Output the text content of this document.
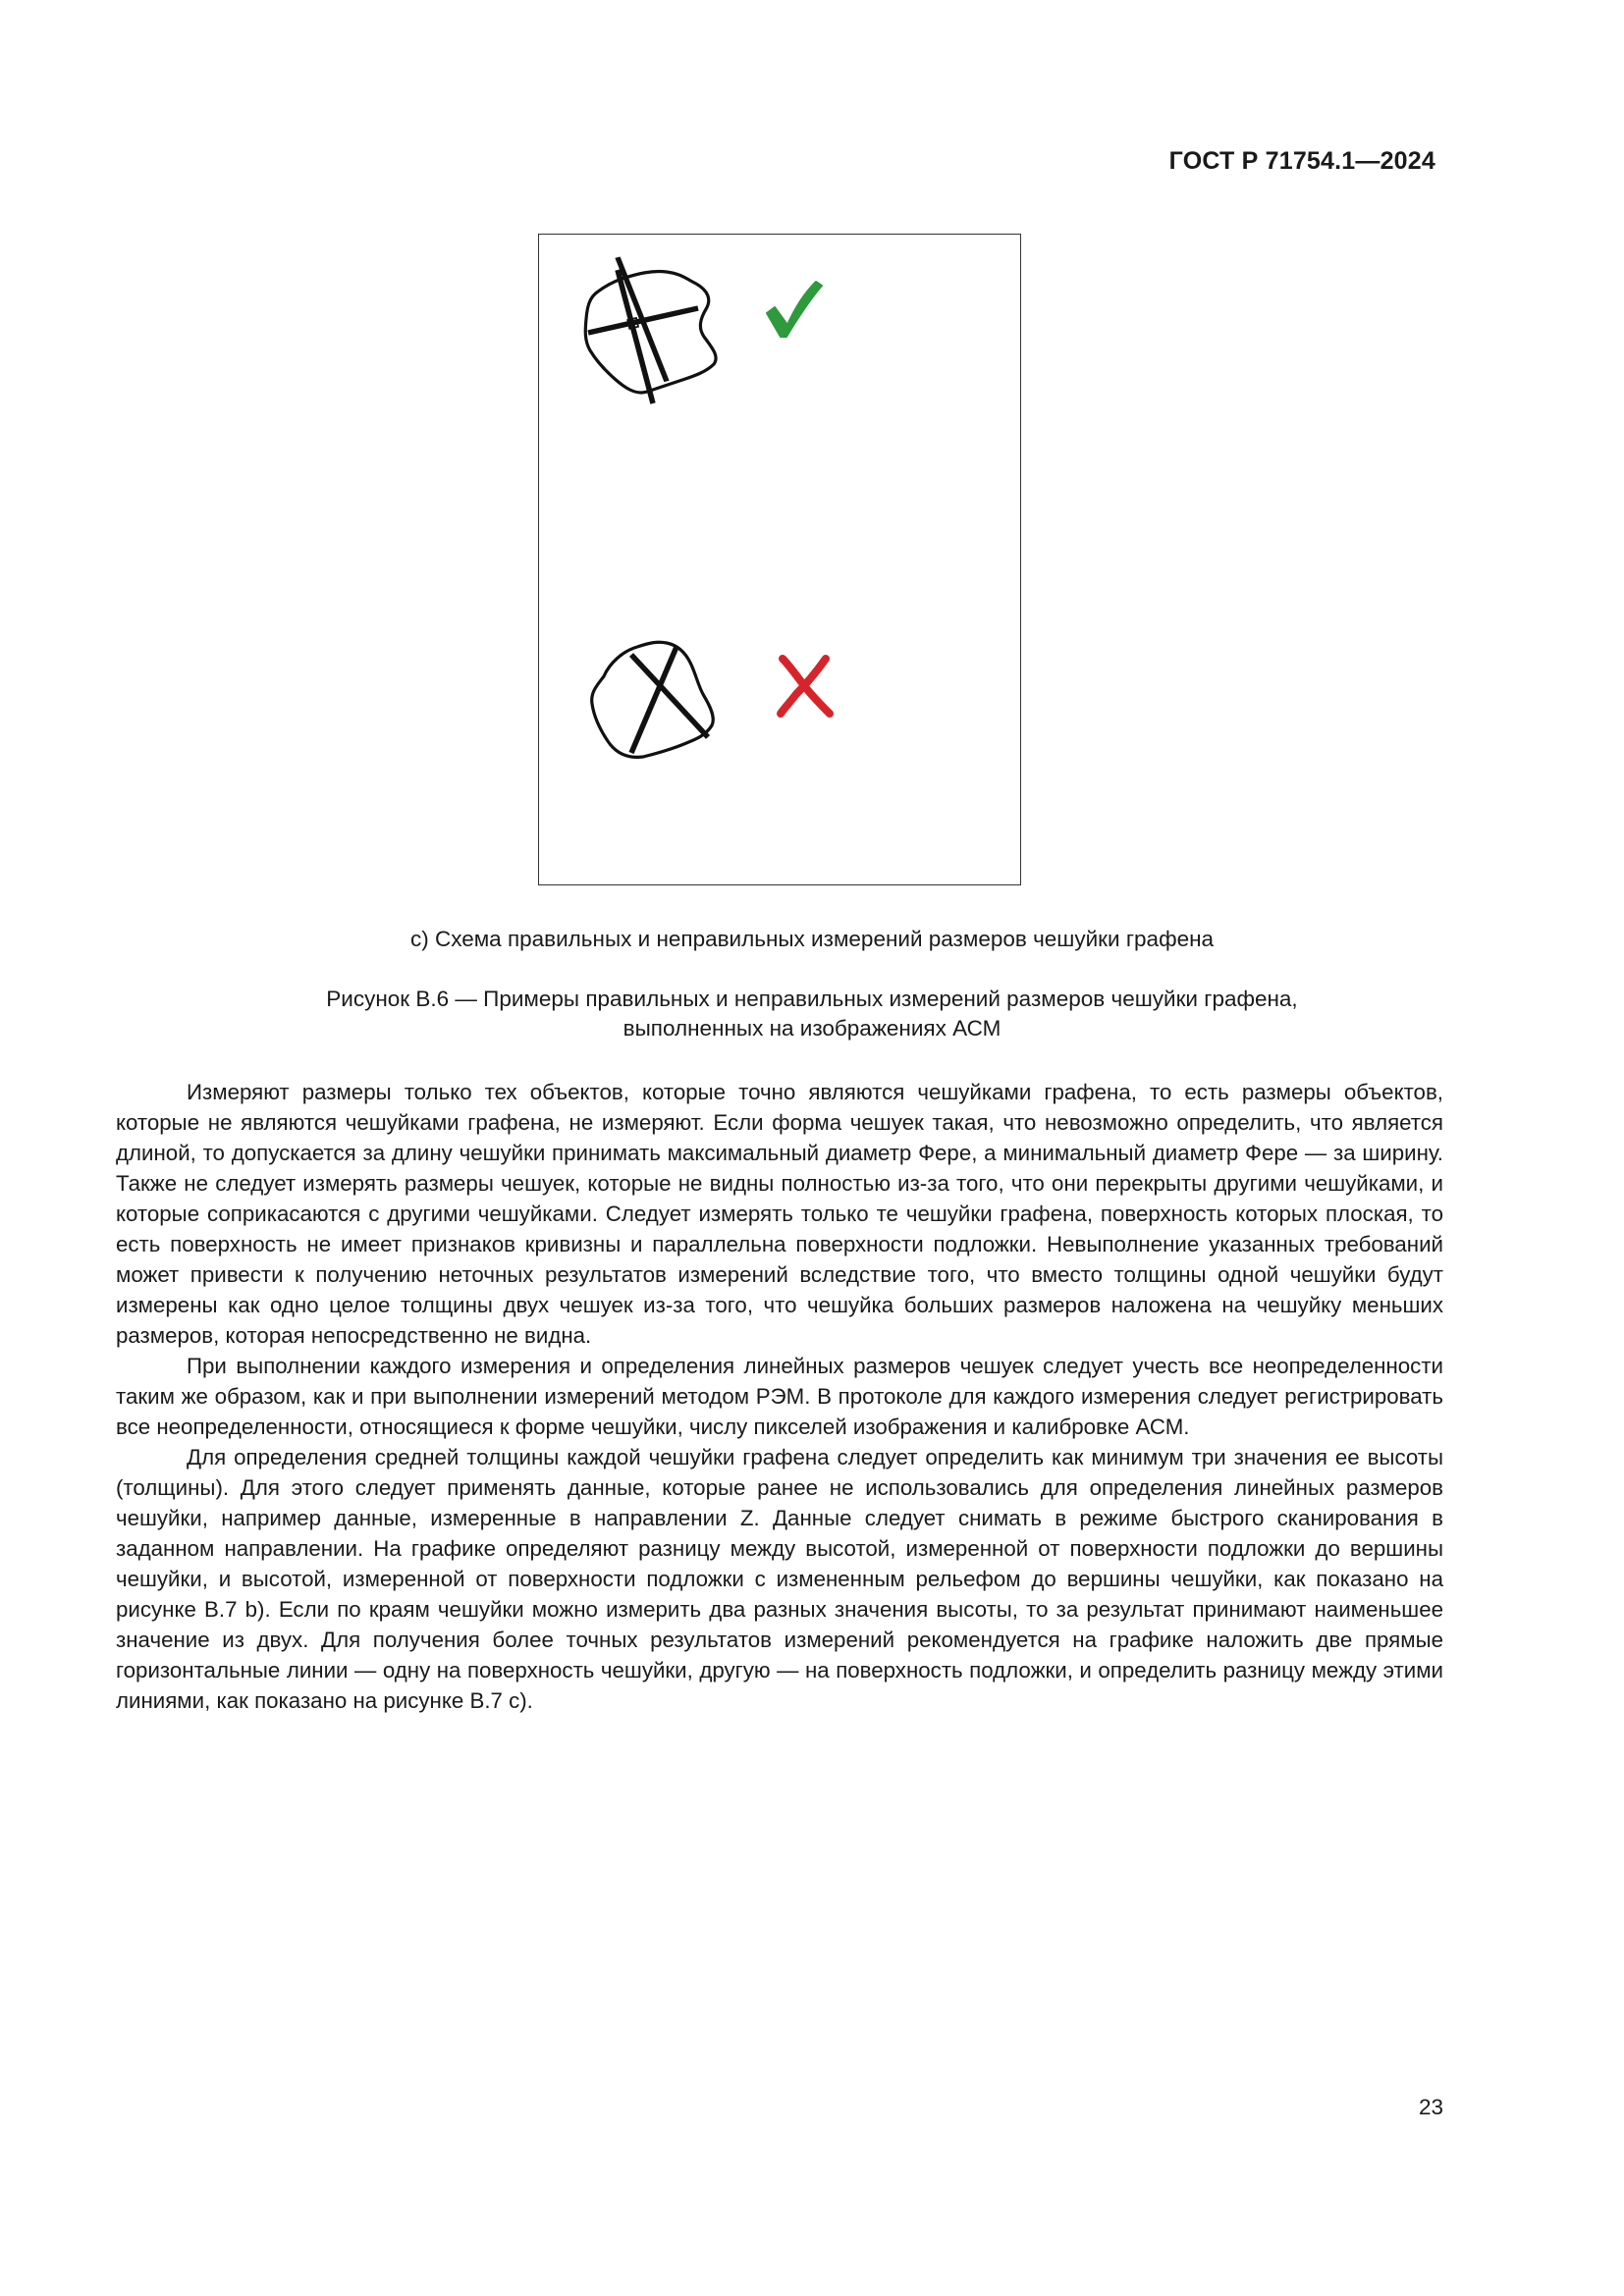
ГОСТ Р 71754.1—2024
c) Схема правильных и неправильных измерений размеров чешуйки графена
Рисунок В.6 — Примеры правильных и неправильных измерений размеров чешуйки графена,
выполненных на изображениях АСМ

Измеряют размеры только тех объектов, которые точно являются чешуйками графена, то есть размеры объектов, которые не являются чешуйками графена, не измеряют. Если форма чешуек такая, что невозможно определить, что является длиной, то допускается за длину чешуйки принимать максимальный диаметр Фере, а минимальный диаметр Фере — за ширину. Также не следует измерять размеры чешуек, которые не видны полностью из-за того, что они перекрыты другими чешуйками, и которые соприкасаются с другими чешуйками. Следует измерять только те чешуйки графена, поверхность которых плоская, то есть поверхность не имеет признаков кривизны и параллельна поверхности подложки. Невыполнение указанных требований может привести к получению неточных результатов измерений вследствие того, что вместо толщины одной чешуйки будут измерены как одно целое толщины двух чешуек из-за того, что чешуйка больших размеров наложена на чешуйку меньших размеров, которая непосредственно не видна.

При выполнении каждого измерения и определения линейных размеров чешуек следует учесть все неопределенности таким же образом, как и при выполнении измерений методом РЭМ. В протоколе для каждого измерения следует регистрировать все неопределенности, относящиеся к форме чешуйки, числу пикселей изображения и калибровке АСМ.

Для определения средней толщины каждой чешуйки графена следует определить как минимум три значения ее высоты (толщины). Для этого следует применять данные, которые ранее не использовались для определения линейных размеров чешуйки, например данные, измеренные в направлении Z. Данные следует снимать в режиме быстрого сканирования в заданном направлении. На графике определяют разницу между высотой, измеренной от поверхности подложки до вершины чешуйки, и высотой, измеренной от поверхности подложки с измененным рельефом до вершины чешуйки, как показано на рисунке В.7 b). Если по краям чешуйки можно измерить два разных значения высоты, то за результат принимают наименьшее значение из двух. Для получения более точных результатов измерений рекомендуется на графике наложить две прямые горизонтальные линии — одну на поверхность чешуйки, другую — на поверхность подложки, и определить разницу между этими линиями, как показано на рисунке В.7 c).

23
